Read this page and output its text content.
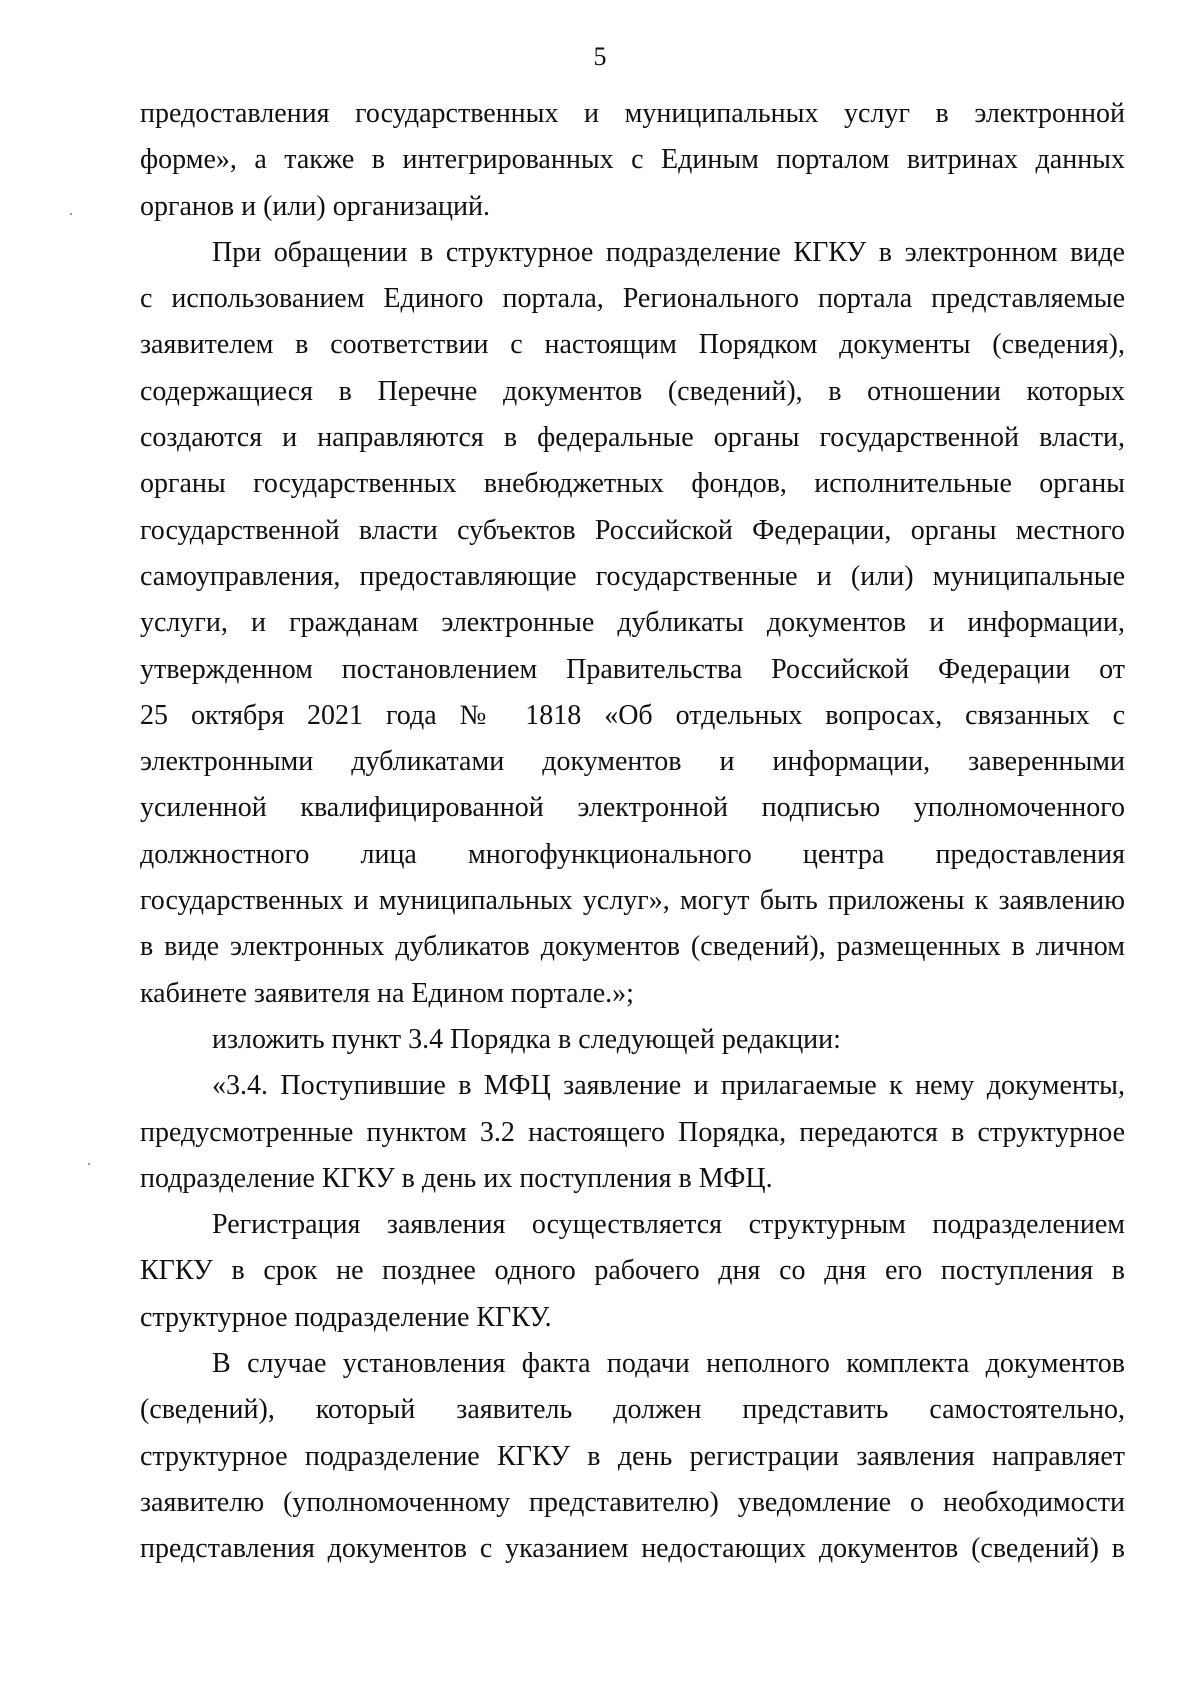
5

предоставления государственных и муниципальных услуг в электронной
форме», а также в интегрированных с Единым порталом витринах данных
органов и (или) организаций.

При обращении в структурное подразделение КГКУ в электронном виде
с использованием Единого портала, Регионального портала представляемые
заявителем в соответствии с настоящим Порядком документы (сведения),
содержащиеся в Перечне документов (сведений), в отношении которых
создаются и направляются в федеральные органы государственной власти,
органы государственных внебюджетных фондов, исполнительные органы
государственной власти субъектов Российской Федерации, органы местного
самоуправления, предоставляющие государственные и (или) муниципальные
услуги, и гражданам электронные дубликаты документов и информации,
утвержденном постановлением Правительства Российской Федерации от
25 октября 2021 года № 1818 «Об отдельных вопросах, связанных с
электронными дубликатами документов и информации, заверенными
усиленной квалифицированной электронной подписью уполномоченного
должностного лица многофункционального центра предоставления
государственных и муниципальных услуг», могут быть приложены к заявлению
в виде электронных дубликатов документов (сведений), размещенных в личном
кабинете заявителя на Едином портале.»;

изложить пункт 3.4 Порядка в следующей редакции:

«3.4. Поступившие в МФЦ заявление и прилагаемые к нему документы,
предусмотренные пунктом 3.2 настоящего Порядка, передаются в структурное
подразделение КГКУ в день их поступления в МФЦ.

Регистрация заявления осуществляется структурным подразделением
КГКУ в срок не позднее одного рабочего дня со дня его поступления в
структурное подразделение КГКУ.

В случае установления факта подачи неполного комплекта документов
(сведений), который заявитель должен представить самостоятельно,
структурное подразделение КГКУ в день регистрации заявления направляет
заявителю (уполномоченному представителю) уведомление о необходимости
представления документов с указанием недостающих документов (сведений) в
